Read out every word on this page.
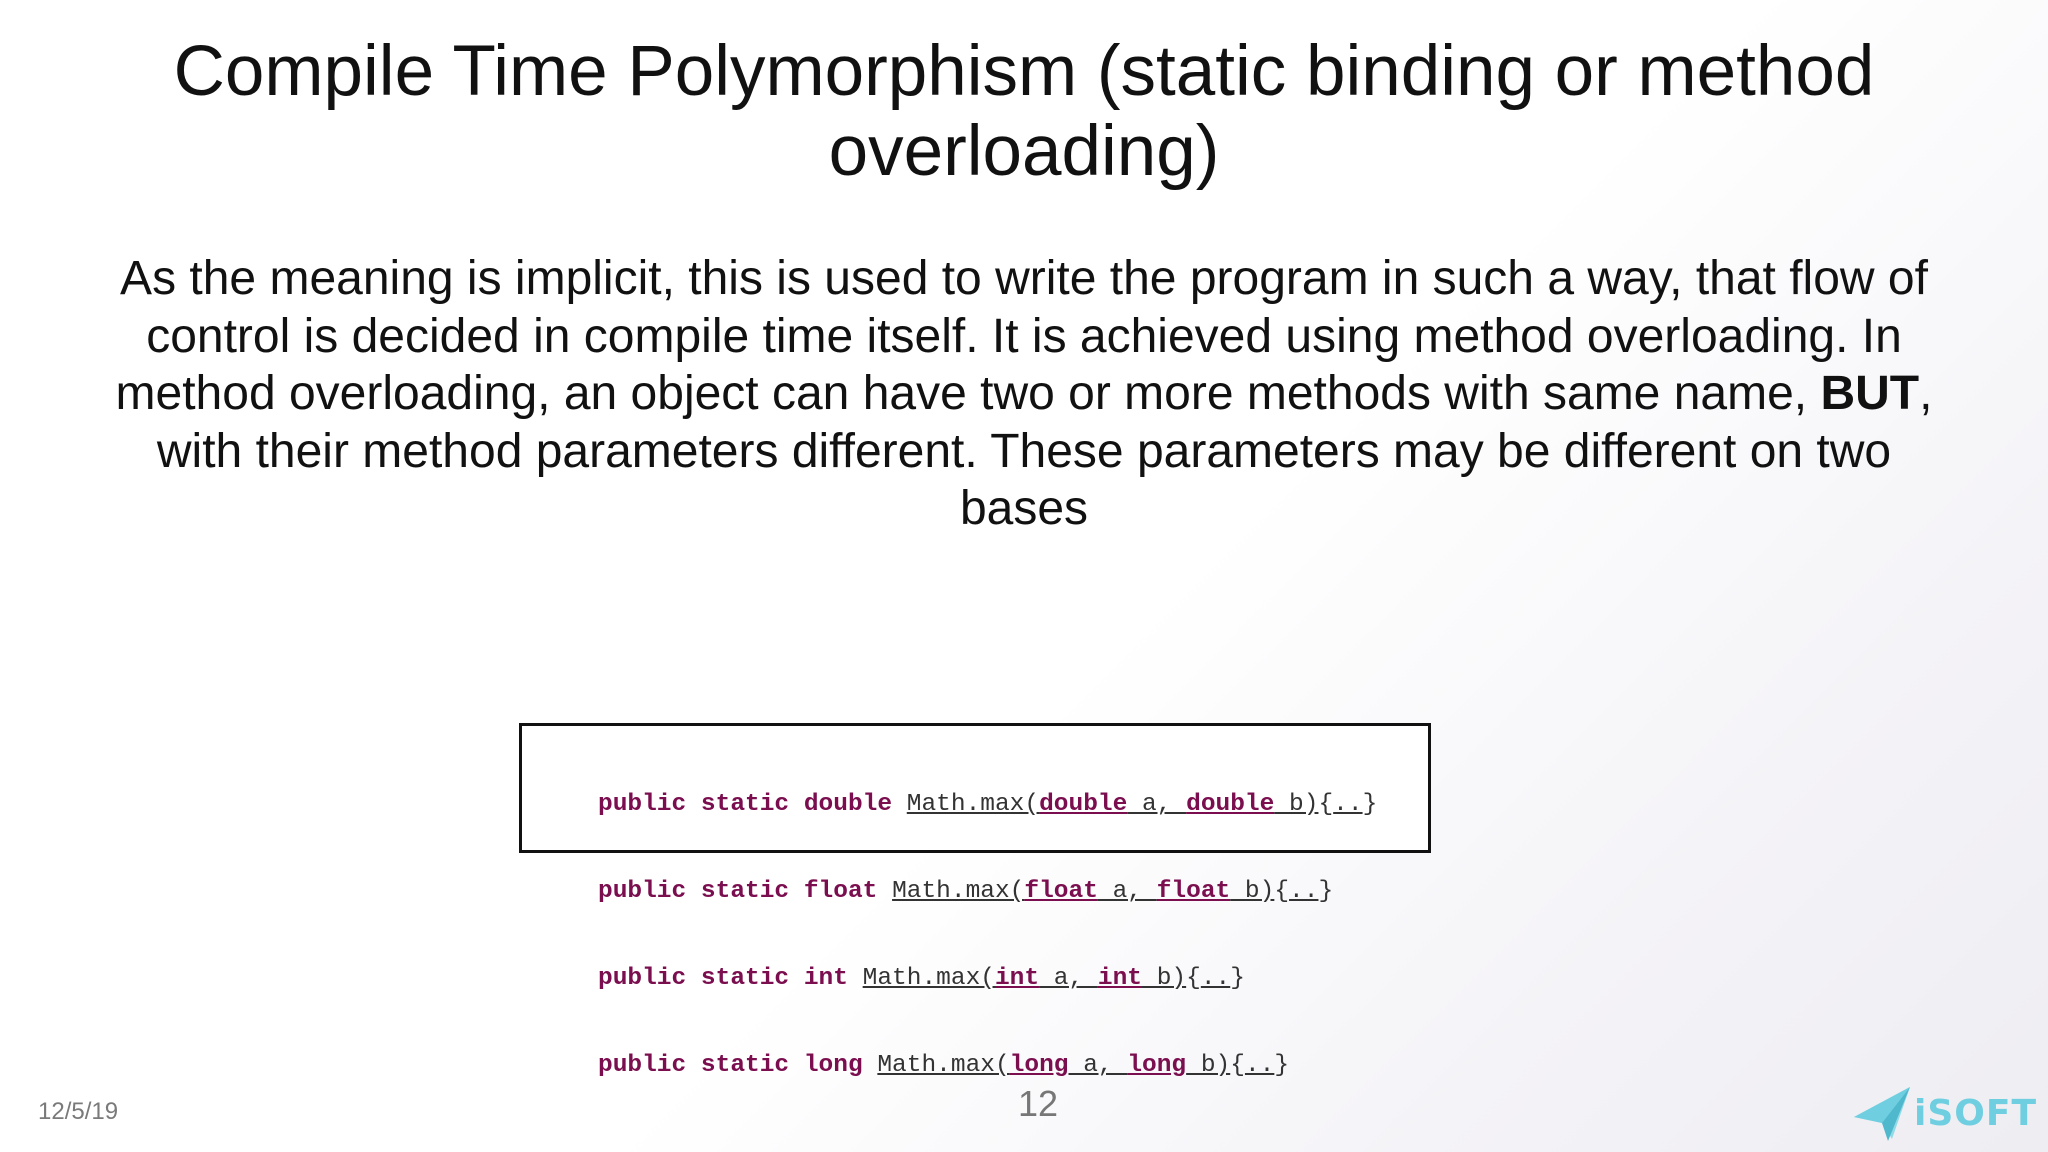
Compile Time Polymorphism (static binding or method overloading)

As the meaning is implicit, this is used to write the program in such a way, that flow of control is decided in compile time itself. It is achieved using method overloading. In method overloading, an object can have two or more methods with same name, BUT, with their method parameters different. These parameters may be different on two bases

public static double Math.max(double a, double b){..}

public static float Math.max(float a, float b){..}

public static int Math.max(int a, int b){..}

public static long Math.max(long a, long b){..}

12/5/19	12	iSOFT
